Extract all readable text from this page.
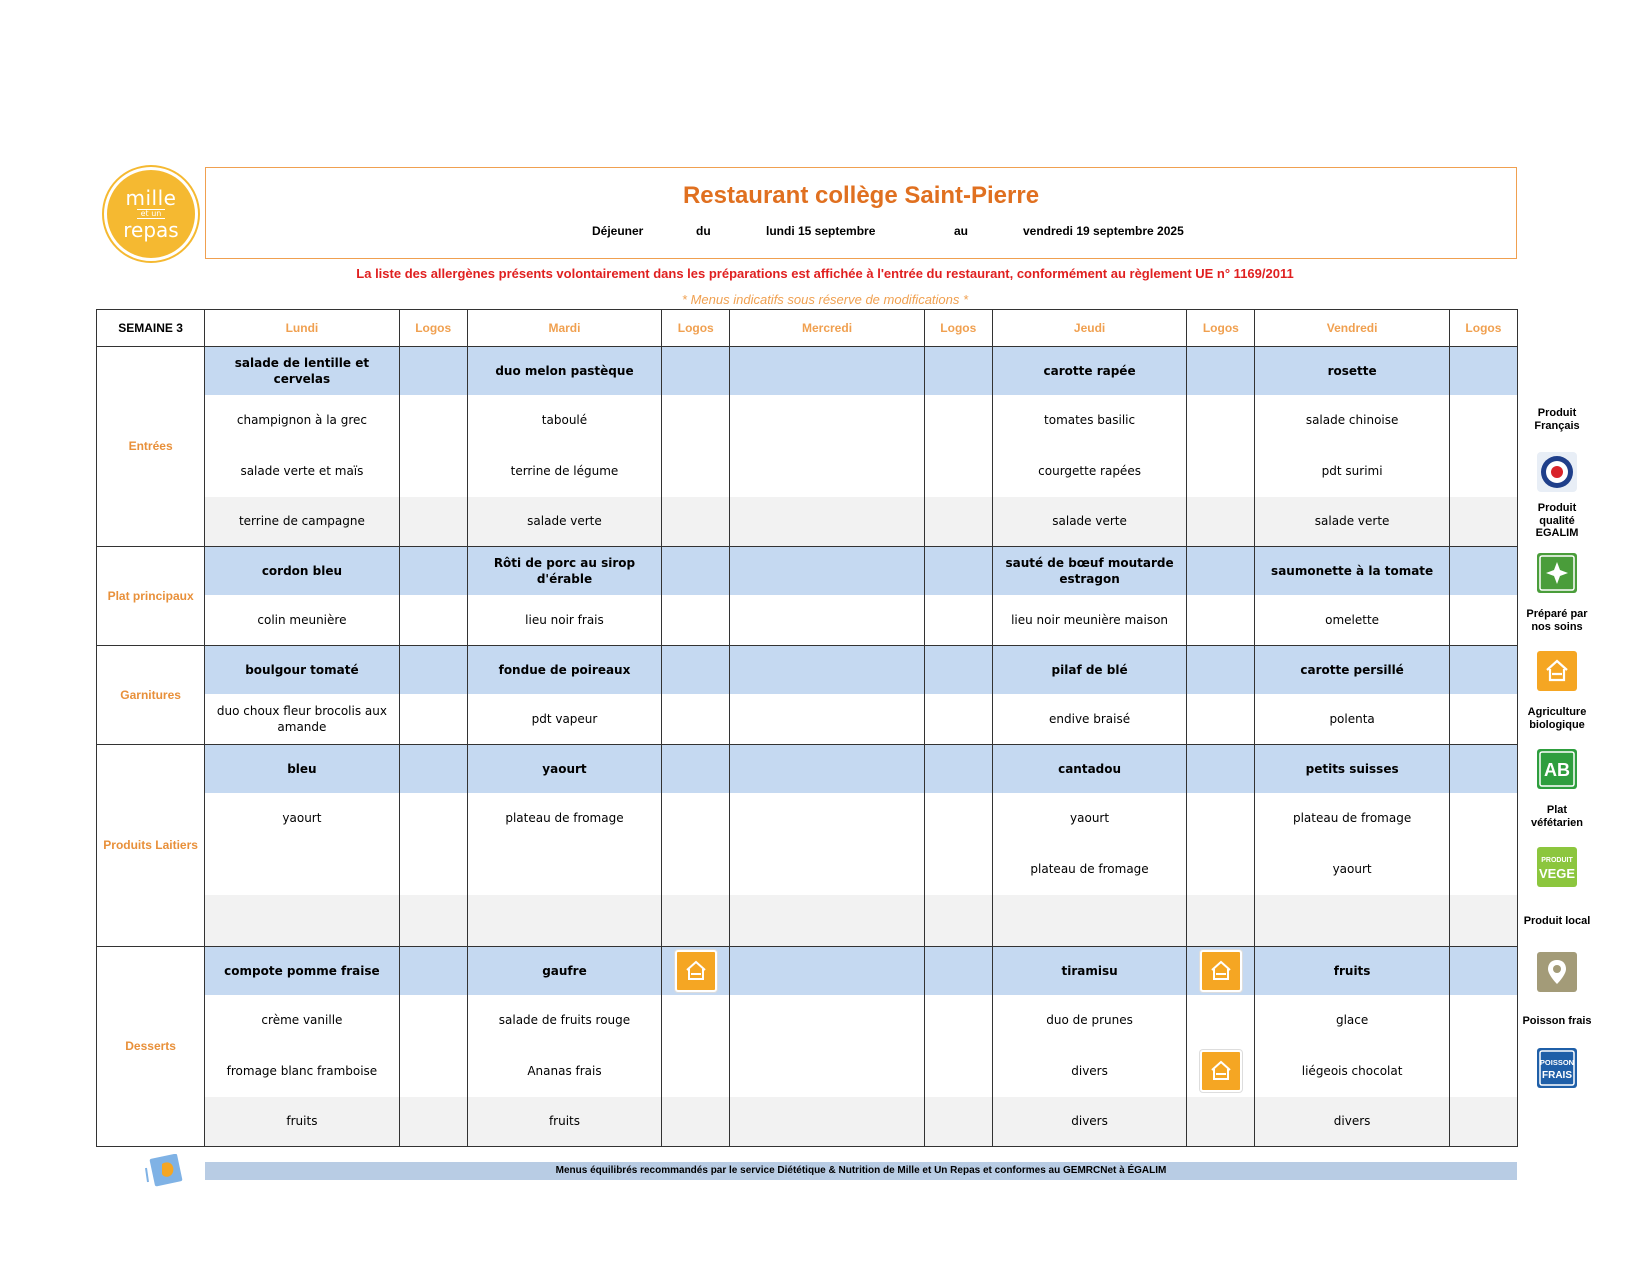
mille
et un
repas
Restaurant collège Saint-Pierre
Déjeuner	du	lundi 15 septembre	au	vendredi 19 septembre 2025
La liste des allergènes présents volontairement dans les préparations est affichée à l'entrée du restaurant, conformément au règlement UE n° 1169/2011
* Menus indicatifs sous réserve de modifications *
SEMAINE 3	Lundi	Logos	Mardi	Logos	Mercredi	Logos	Jeudi	Logos	Vendredi	Logos
Entrées	salade de lentille et cervelas		duo melon pastèque				carotte rapée		rosette	
	champignon à la grec		taboulé				tomates basilic		salade chinoise	
	salade verte et maïs		terrine de légume				courgette rapées		pdt surimi	
	terrine de campagne		salade verte				salade verte		salade verte	
Plat principaux	cordon bleu		Rôti de porc au sirop d'érable				sauté de bœuf moutarde estragon		saumonette à la tomate	
	colin meunière		lieu noir frais				lieu noir meunière maison		omelette	
Garnitures	boulgour tomaté		fondue de poireaux				pilaf de blé		carotte persillé	
	duo choux fleur brocolis aux amande		pdt vapeur				endive braisé		polenta	
Produits Laitiers	bleu		yaourt				cantadou		petits suisses	
	yaourt		plateau de fromage				yaourt		plateau de fromage	
							plateau de fromage		yaourt	

Desserts	compote pomme fraise		gaufre				tiramisu		fruits	
	crème vanille		salade de fruits rouge				duo de prunes		glace	
	fromage blanc framboise		Ananas frais				divers		liégeois chocolat	
	fruits		fruits				divers		divers	
Produit Français
Produit qualité EGALIM
Préparé par nos soins
Agriculture biologique
AB
Plat véfétarien
PRODUIT
VEGE
Produit local
Poisson frais
POISSON
FRAIS
Menus équilibrés recommandés par le service Diététique & Nutrition de Mille et Un Repas et conformes au GEMRCNet à ÉGALIM
